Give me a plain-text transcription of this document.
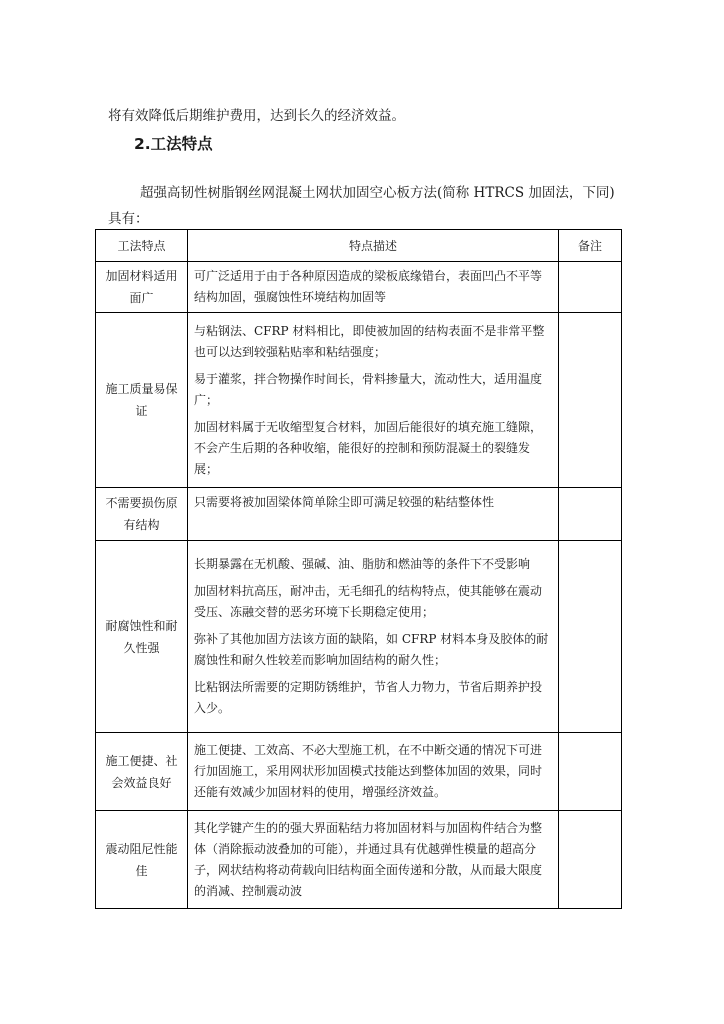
将有效降低后期维护费用，达到长久的经济效益。

2.工法特点

超强高韧性树脂钢丝网混凝土网状加固空心板方法(简称 HTRCS 加固法，下同)具有：

工法特点	特点描述	备注
加固材料适用面广	可广泛适用于由于各种原因造成的梁板底缘错台，表面凹凸不平等结构加固，强腐蚀性环境结构加固等	

施工质量易保证	与粘钢法、CFRP 材料相比，即使被加固的结构表面不是非常平整也可以达到较强粘贴率和粘结强度；

易于灌浆，拌合物操作时间长，骨料掺量大，流动性大，适用温度广；

加固材料属于无收缩型复合材料，加固后能很好的填充施工缝隙，不会产生后期的各种收缩，能很好的控制和预防混凝土的裂缝发展；	

不需要损伤原有结构	只需要将被加固梁体简单除尘即可满足较强的粘结整体性	

耐腐蚀性和耐久性强	长期暴露在无机酸、强碱、油、脂肪和燃油等的条件下不受影响

加固材料抗高压，耐冲击，无毛细孔的结构特点，使其能够在震动受压、冻融交替的恶劣环境下长期稳定使用；

弥补了其他加固方法该方面的缺陷，如 CFRP 材料本身及胶体的耐腐蚀性和耐久性较差而影响加固结构的耐久性；

比粘钢法所需要的定期防锈维护，节省人力物力，节省后期养护投入少。	

施工便捷、社会效益良好	施工便捷、工效高、不必大型施工机，在不中断交通的情况下可进行加固施工，采用网状形加固模式技能达到整体加固的效果，同时还能有效减少加固材料的使用，增强经济效益。	

震动阻尼性能佳	其化学键产生的的强大界面粘结力将加固材料与加固构件结合为整体（消除振动波叠加的可能），并通过具有优越弹性模量的超高分子，网状结构将动荷载向旧结构面全面传递和分散，从而最大限度的消减、控制震动波	
